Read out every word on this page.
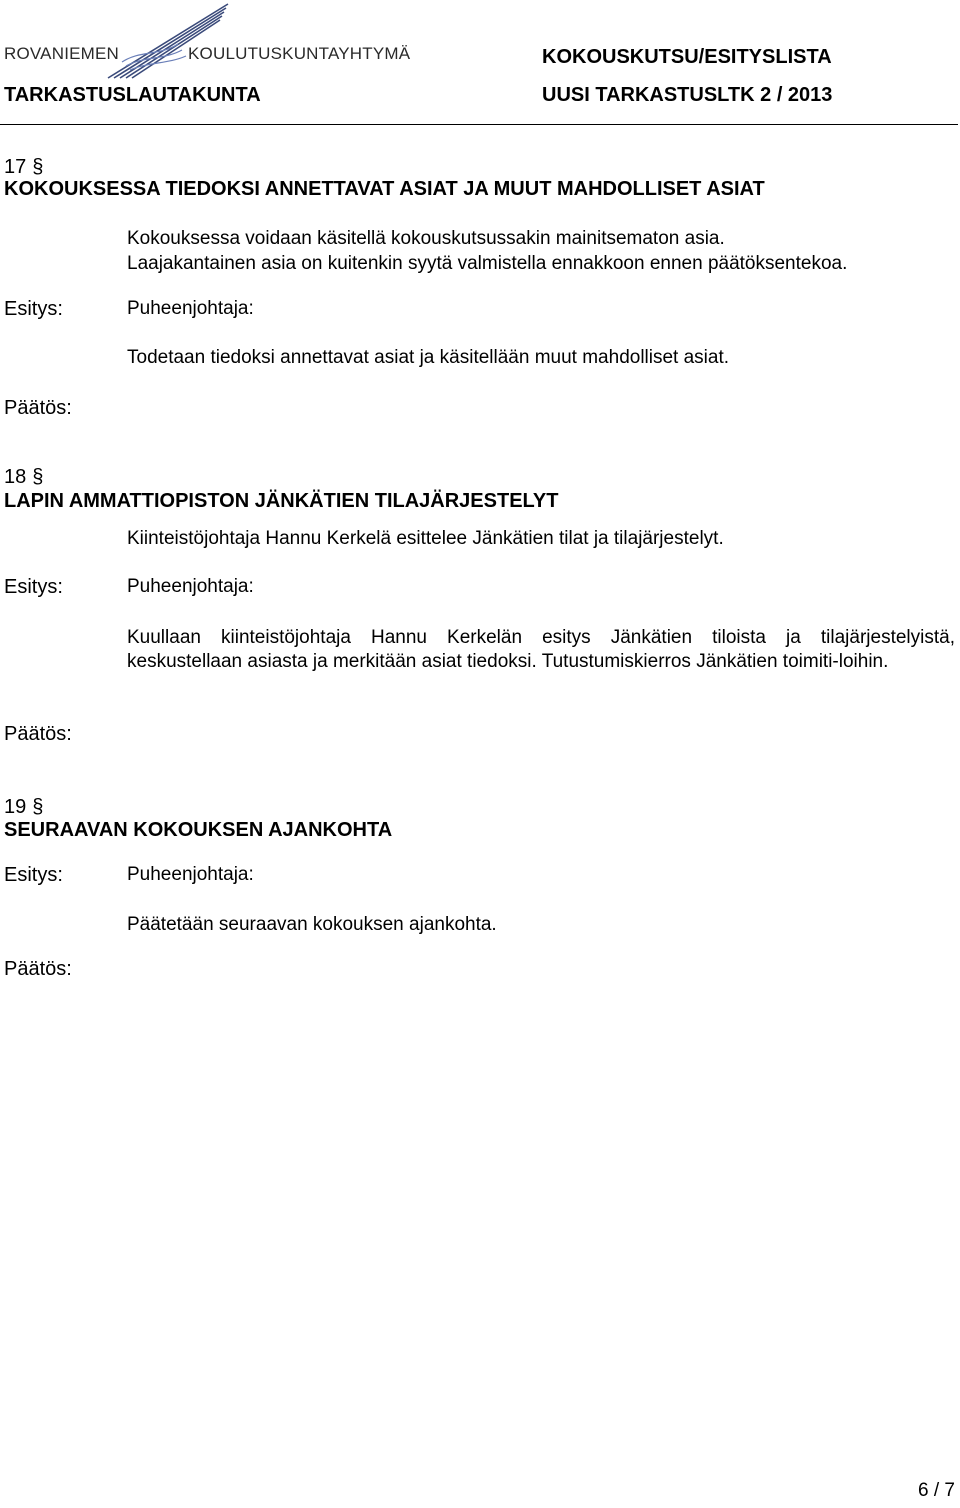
ROVANIEMEN	KOULUTUSKUNTAYHTYMÄ	KOKOUSKUTSU/ESITYSLISTA
TARKASTUSLAUTAKUNTA	UUSI TARKASTUSLTK 2 / 2013
17 §
KOKOUKSESSA TIEDOKSI ANNETTAVAT ASIAT JA MUUT MAHDOLLISET ASIAT
Kokouksessa voidaan käsitellä kokouskutsussakin mainitsematon asia.
Laajakantainen asia on kuitenkin syytä valmistella ennakkoon ennen päätöksentekoa.
Esitys:	Puheenjohtaja:
Todetaan tiedoksi annettavat asiat ja käsitellään muut mahdolliset asiat.
Päätös:
18 §
LAPIN AMMATTIOPISTON JÄNKÄTIEN TILAJÄRJESTELYT
Kiinteistöjohtaja Hannu Kerkelä esittelee Jänkätien tilat ja tilajärjestelyt.
Esitys:	Puheenjohtaja:
Kuullaan kiinteistöjohtaja Hannu Kerkelän esitys Jänkätien tiloista ja tilajärjestelyistä, keskustellaan asiasta ja merkitään asiat tiedoksi. Tutustumiskierros Jänkätien toimiti-loihin.
Päätös:
19 §
SEURAAVAN KOKOUKSEN AJANKOHTA
Esitys:	Puheenjohtaja:
Päätetään seuraavan kokouksen ajankohta.
Päätös:
6 / 7
